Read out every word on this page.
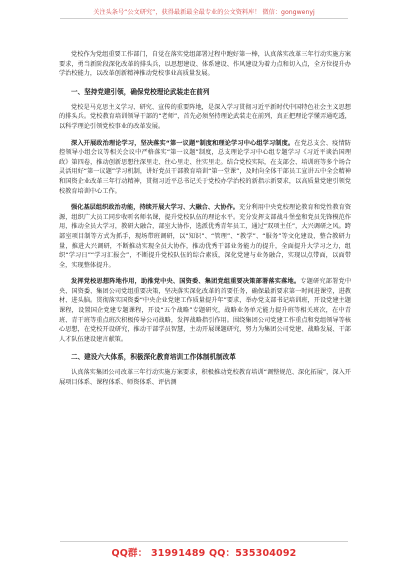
关注头条号“公文研究”，获得最新最全最专业的公文资料库！ 微信：gongwenyj

党校作为党组重要工作部门，自觉在落实党组部署过程中跑好第一棒，认真落实改革三年行动实施方案要求，勇当新阶段深化改革的排头兵，以思想建设、体系建设、作风建设为着力点和切入点，全方位提升办学治校能力，以改革创新精神推动党校事业高质量发展。

一、坚持党建引领，确保党校理论武装走在前列

党校是马克思主义学习、研究、宣传的重要阵地，是深入学习贯彻习近平新时代中国特色社会主义思想的排头兵。党校教育培训领导干部的“老师”，首先必须坚持理论武装走在前列，真正把理论学懂弄通吃透，以科学理论引领党校事业的改革发展。

深入开展政治理论学习，坚决落实“第一议题”制度和理论学习中心组学习制度。在党总支会、疫情防控领导小组会议等相关会议中严格落实“第一议题”制度，总支理论学习中心组专题学习《习近平谈治国理政》第四卷，推动创新思想往深里走、往心里走、往实里走。结合党校实际，在支部会、培训班等多个场合灵活用好“第一议题”学习机制，讲好党员干部教育培训“第一堂课”，及时向全体干部员工宣讲五中全会精神和国资企业改革三年行动精神，贯彻习近平总书记关于党校办学治校的新指示新要求，以高质量党建引领党校教育培训中心工作。

强化基层组织政治功能，持续开展大学习、大融合、大协作。充分利用中央党校理论教育和党性教育资源，组织广大员工同步收听名师名课，提升党校队伍的理论水平。充分发挥支部战斗堡垒和党员先锋模范作用，推动全员大学习，教研大融合，部室大协作，选派优秀青年员工，通过“双项主任”，大兴调研之风。跨部室项目制等方式为抓手，现场带班调研，以“知识”、“管理”、“教学”、“服务”等文化建设，整合教研力量，推进大兴调研，不断推动实现全员大协作，推动优秀干部业务能力的提升，全面提升大学习之力，组织“学习日”“学习汇报会”，不断提升党校队伍的综合素质，深化党建与业务融合，实现以点带面，以面带全，实现整体提升。

发挥党校思想阵地作用，助推党中央、国资委、集团党组重要决策部署落实落地。专题研究部署党中央、国资委、集团公司党组重要决策，坚决落实深化改革的首要任务，确保最新要求第一时间进课堂，进教材、进头脑。贯彻落实国资委“中央企业党建工作质量提升年”要求，举办党支部书记培训班，开设党建主题课程，设置国企党建专题课程，开设“五个战略”专题研究，战略业务单元能力提升班等相关班次，在中青班、青干班等重点班次积极传导公司战略，发挥战略指引作用。围绕集团公司党建工作重点和党组领导等核心思想，在党校开设研究，推动干部学员智慧，主动开展课题研究，努力为集团公司党建、战略发展、干部人才队伍建设建言献策。

二、建设六大体系，积极深化教育培训工作体制机制改革

认真落实集团公司改革三年行动实施方案要求，积极推动党校教育培训“调整规范、深化拓展”，深入开展项目体系、课程体系、师资体系、评估测

QQ群： 31991489 QQ：535304092
